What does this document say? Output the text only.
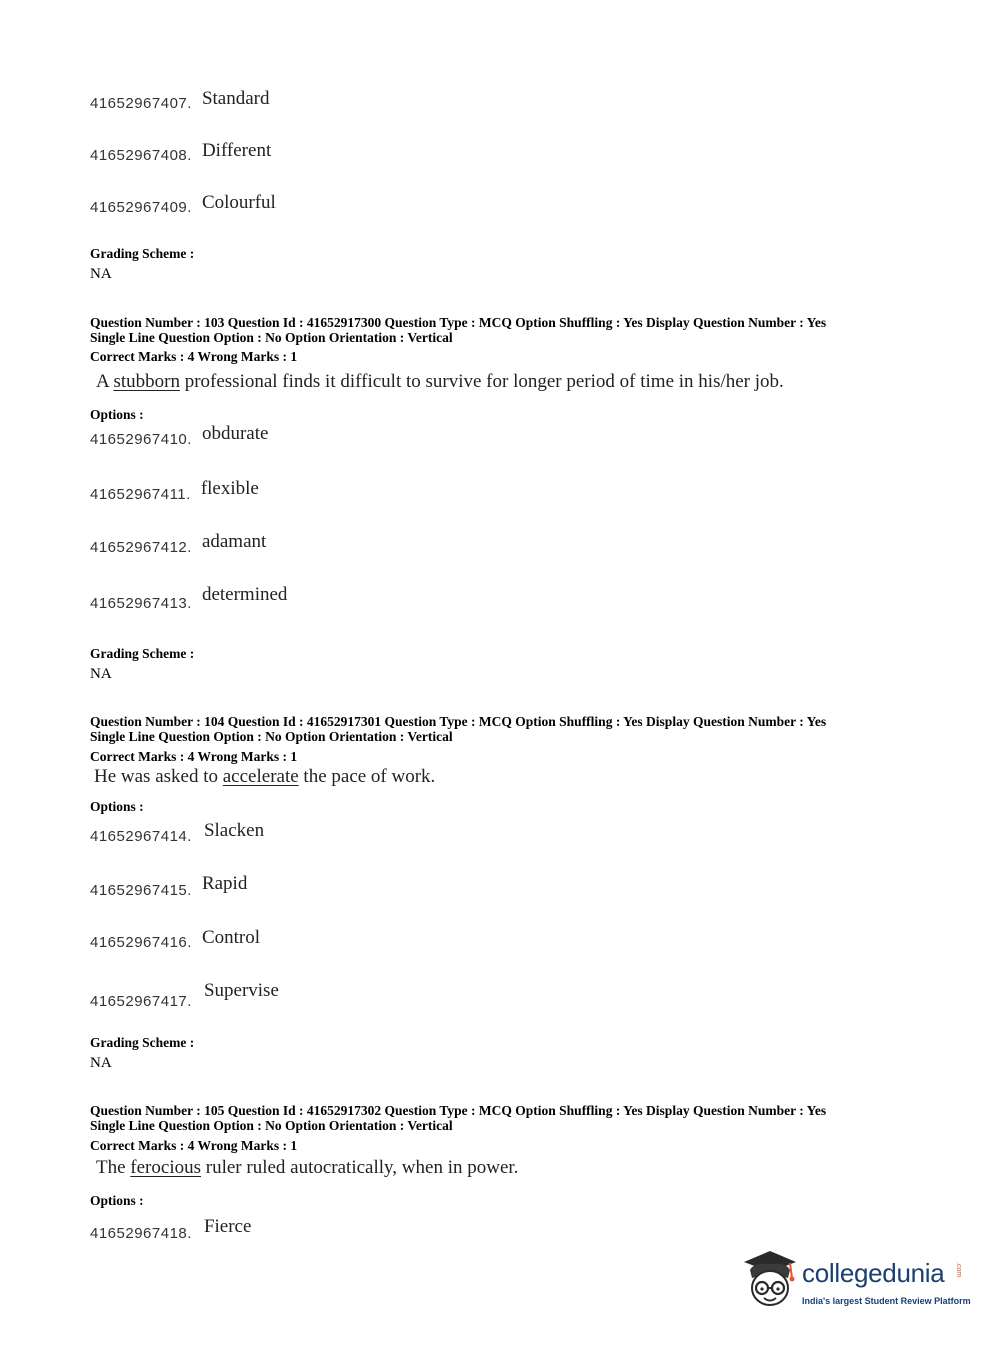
41652967407. Standard
41652967408. Different
41652967409. Colourful
Grading Scheme :
NA
Question Number : 103 Question Id : 41652917300 Question Type : MCQ Option Shuffling : Yes Display Question Number : Yes
Single Line Question Option : No Option Orientation : Vertical
Correct Marks : 4 Wrong Marks : 1
A stubborn professional finds it difficult to survive for longer period of time in his/her job.
Options :
41652967410. obdurate
41652967411. flexible
41652967412. adamant
41652967413. determined
Grading Scheme :
NA
Question Number : 104 Question Id : 41652917301 Question Type : MCQ Option Shuffling : Yes Display Question Number : Yes
Single Line Question Option : No Option Orientation : Vertical
Correct Marks : 4 Wrong Marks : 1
He was asked to accelerate the pace of work.
Options :
41652967414. Slacken
41652967415. Rapid
41652967416. Control
41652967417. Supervise
Grading Scheme :
NA
Question Number : 105 Question Id : 41652917302 Question Type : MCQ Option Shuffling : Yes Display Question Number : Yes
Single Line Question Option : No Option Orientation : Vertical
Correct Marks : 4 Wrong Marks : 1
The ferocious ruler ruled autocratically, when in power.
Options :
41652967418. Fierce
collegedunia .com
India's largest Student Review Platform
